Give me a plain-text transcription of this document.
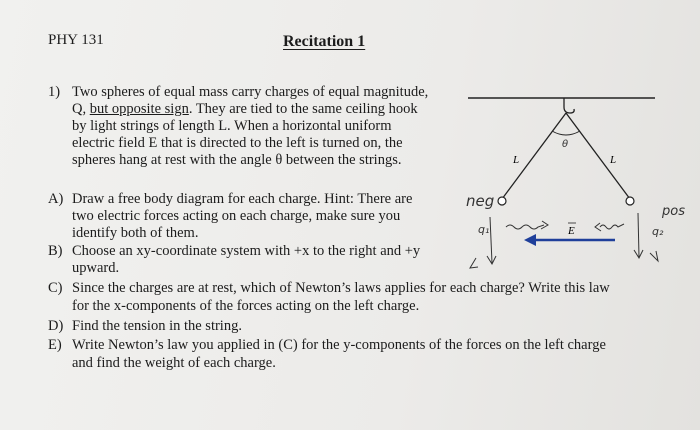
PHY 131	Recitation 1
1) Two spheres of equal mass carry charges of equal magnitude,
Q, but opposite sign. They are tied to the same ceiling hook
by light strings of length L. When a horizontal uniform
electric field E that is directed to the left is turned on, the
spheres hang at rest with the angle θ between the strings.
A) Draw a free body diagram for each charge. Hint: There are
two electric forces acting on each charge, make sure you
identify both of them.
B) Choose an xy-coordinate system with +x to the right and +y
upward.
C) Since the charges are at rest, which of Newton’s laws applies for each charge? Write this law
for the x-components of the forces acting on the left charge.
D) Find the tension in the string.
E) Write Newton’s law you applied in (C) for the y-components of the forces on the left charge
and find the weight of each charge.
θ
L	L
E
neg
pos
q₁	q₂
